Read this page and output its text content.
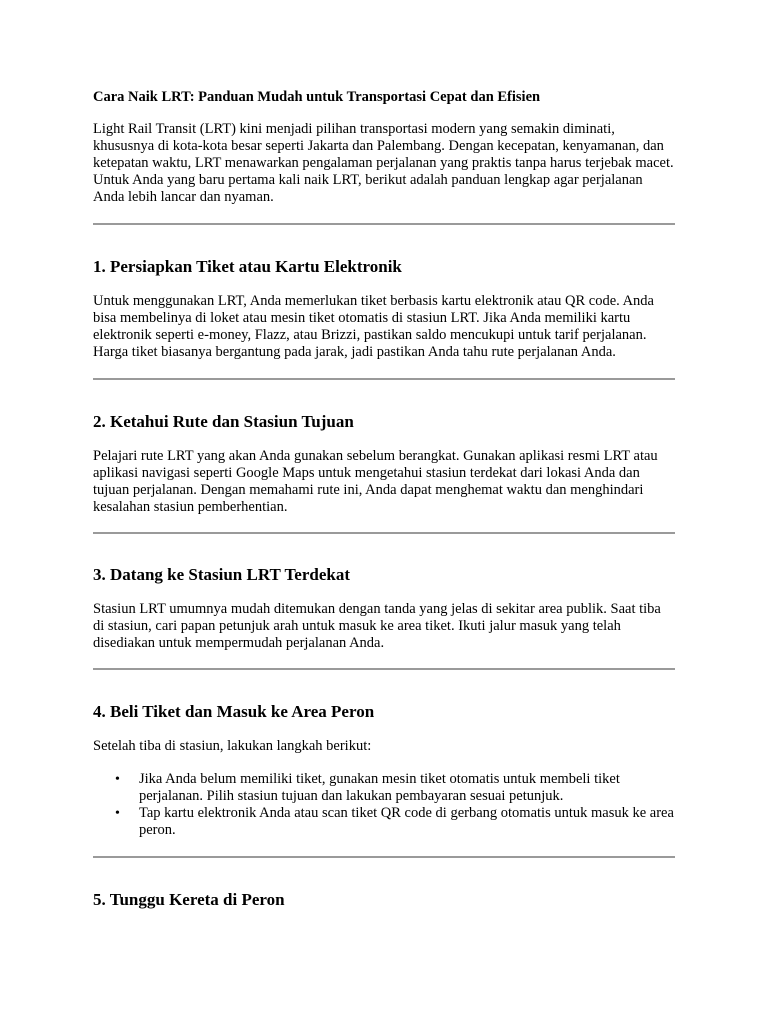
Cara Naik LRT: Panduan Mudah untuk Transportasi Cepat dan Efisien

Light Rail Transit (LRT) kini menjadi pilihan transportasi modern yang semakin diminati, khususnya di kota-kota besar seperti Jakarta dan Palembang. Dengan kecepatan, kenyamanan, dan ketepatan waktu, LRT menawarkan pengalaman perjalanan yang praktis tanpa harus terjebak macet. Untuk Anda yang baru pertama kali naik LRT, berikut adalah panduan lengkap agar perjalanan Anda lebih lancar dan nyaman.

1. Persiapkan Tiket atau Kartu Elektronik

Untuk menggunakan LRT, Anda memerlukan tiket berbasis kartu elektronik atau QR code. Anda bisa membelinya di loket atau mesin tiket otomatis di stasiun LRT. Jika Anda memiliki kartu elektronik seperti e-money, Flazz, atau Brizzi, pastikan saldo mencukupi untuk tarif perjalanan. Harga tiket biasanya bergantung pada jarak, jadi pastikan Anda tahu rute perjalanan Anda.

2. Ketahui Rute dan Stasiun Tujuan

Pelajari rute LRT yang akan Anda gunakan sebelum berangkat. Gunakan aplikasi resmi LRT atau aplikasi navigasi seperti Google Maps untuk mengetahui stasiun terdekat dari lokasi Anda dan tujuan perjalanan. Dengan memahami rute ini, Anda dapat menghemat waktu dan menghindari kesalahan stasiun pemberhentian.

3. Datang ke Stasiun LRT Terdekat

Stasiun LRT umumnya mudah ditemukan dengan tanda yang jelas di sekitar area publik. Saat tiba di stasiun, cari papan petunjuk arah untuk masuk ke area tiket. Ikuti jalur masuk yang telah disediakan untuk mempermudah perjalanan Anda.

4. Beli Tiket dan Masuk ke Area Peron

Setelah tiba di stasiun, lakukan langkah berikut:

• Jika Anda belum memiliki tiket, gunakan mesin tiket otomatis untuk membeli tiket perjalanan. Pilih stasiun tujuan dan lakukan pembayaran sesuai petunjuk.
• Tap kartu elektronik Anda atau scan tiket QR code di gerbang otomatis untuk masuk ke area peron.
5. Tunggu Kereta di Peron
